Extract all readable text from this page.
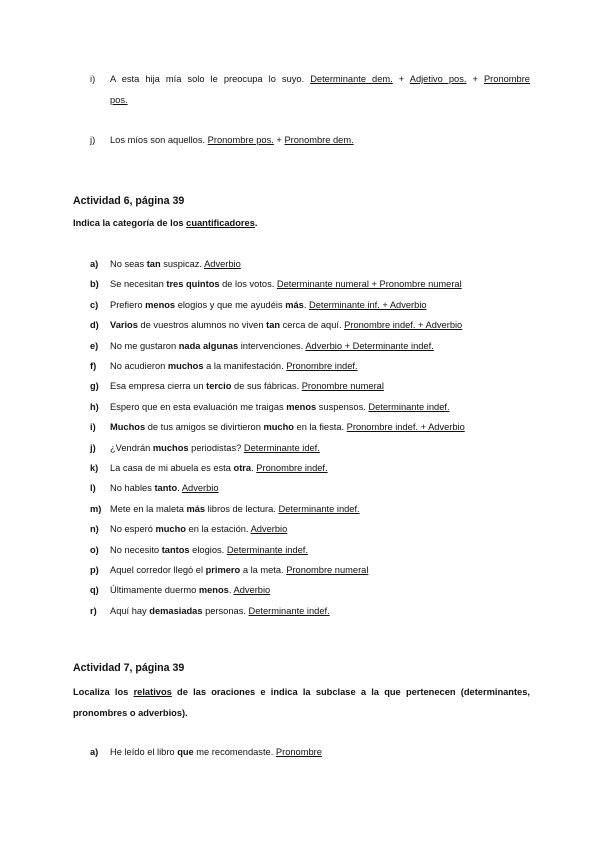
i)	A esta hija mía solo le preocupa lo suyo. Determinante dem. + Adjetivo pos. + Pronombre
pos.
j)	Los míos son aquellos. Pronombre pos. + Pronombre dem.
Actividad 6, página 39
Indica la categoría de los cuantificadores.
a)	No seas tan suspicaz. Adverbio
b)	Se necesitan tres quintos de los votos. Determinante numeral + Pronombre numeral
c)	Prefiero menos elogios y que me ayudéis más. Determinante inf. + Adverbio
d)	Varios de vuestros alumnos no viven tan cerca de aquí. Pronombre indef. + Adverbio
e)	No me gustaron nada algunas intervenciones. Adverbio + Determinante indef.
f)	No acudieron muchos a la manifestación. Pronombre indef.
g)	Esa empresa cierra un tercio de sus fábricas. Pronombre numeral
h)	Espero que en esta evaluación me traigas menos suspensos. Determinante indef.
i)	Muchos de tus amigos se divirtieron mucho en la fiesta. Pronombre indef. + Adverbio
j)	¿Vendrán muchos periodistas? Determinante idef.
k)	La casa de mi abuela es esta otra. Pronombre indef.
l)	No hables tanto. Adverbio
m) Mete en la maleta más libros de lectura. Determinante indef.
n)	No esperó mucho en la estación. Adverbio
o)	No necesito tantos elogios. Determinante indef.
p)	Aquel corredor llegó el primero a la meta. Pronombre numeral
q)	Últimamente duermo menos. Adverbio
r)	Aquí hay demasiadas personas. Determinante indef.
Actividad 7, página 39
Localiza los relativos de las oraciones e indica la subclase a la que pertenecen (determinantes,
pronombres o adverbios).
a)	He leído el libro que me recomendaste. Pronombre
